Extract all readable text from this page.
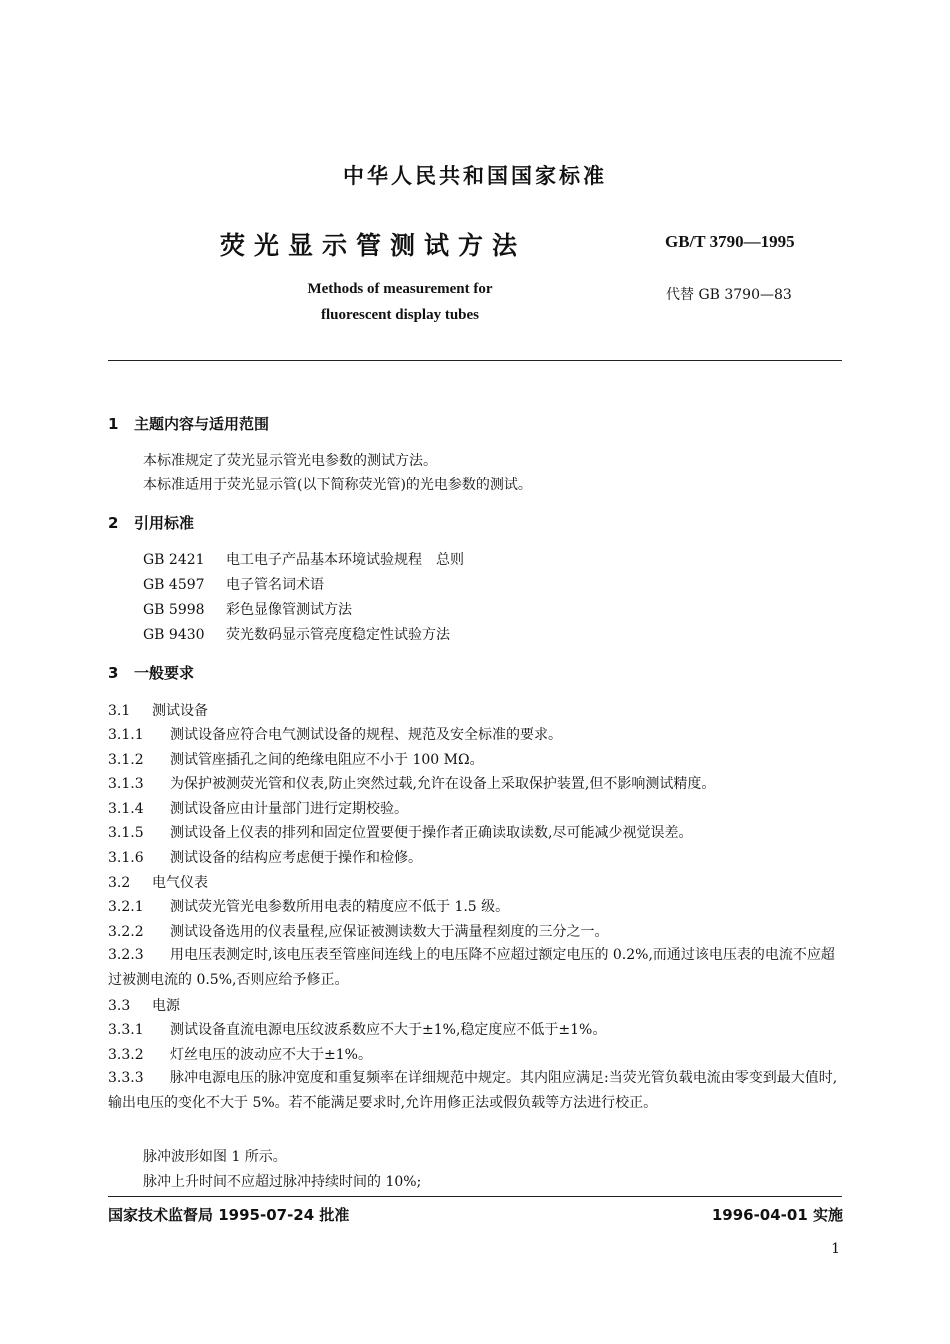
中华人民共和国国家标准
荧光显示管测试方法	GB/T 3790—1995
Methods of measurement for
fluorescent display tubes
代替 GB 3790—83
1 主题内容与适用范围
本标准规定了荧光显示管光电参数的测试方法。
本标准适用于荧光显示管(以下简称荧光管)的光电参数的测试。
2 引用标准
GB 2421 电工电子产品基本环境试验规程　总则
GB 4597 电子管名词术语
GB 5998 彩色显像管测试方法
GB 9430 荧光数码显示管亮度稳定性试验方法
3 一般要求
3.1 测试设备
3.1.1 测试设备应符合电气测试设备的规程、规范及安全标准的要求。
3.1.2 测试管座插孔之间的绝缘电阻应不小于 100 MΩ。
3.1.3 为保护被测荧光管和仪表,防止突然过载,允许在设备上采取保护装置,但不影响测试精度。
3.1.4 测试设备应由计量部门进行定期校验。
3.1.5 测试设备上仪表的排列和固定位置要便于操作者正确读取读数,尽可能减少视觉误差。
3.1.6 测试设备的结构应考虑便于操作和检修。
3.2 电气仪表
3.2.1 测试荧光管光电参数所用电表的精度应不低于 1.5 级。
3.2.2 测试设备选用的仪表量程,应保证被测读数大于满量程刻度的三分之一。
3.2.3 用电压表测定时,该电压表至管座间连线上的电压降不应超过额定电压的 0.2%,而通过该电压表的电流不应超过被测电流的 0.5%,否则应给予修正。
3.3 电源
3.3.1 测试设备直流电源电压纹波系数应不大于±1%,稳定度应不低于±1%。
3.3.2 灯丝电压的波动应不大于±1%。
3.3.3 脉冲电源电压的脉冲宽度和重复频率在详细规范中规定。其内阻应满足:当荧光管负载电流由零变到最大值时,输出电压的变化不大于 5%。若不能满足要求时,允许用修正法或假负载等方法进行校正。
脉冲波形如图 1 所示。
脉冲上升时间不应超过脉冲持续时间的 10%;
国家技术监督局 1995-07-24 批准	1996-04-01 实施
1
